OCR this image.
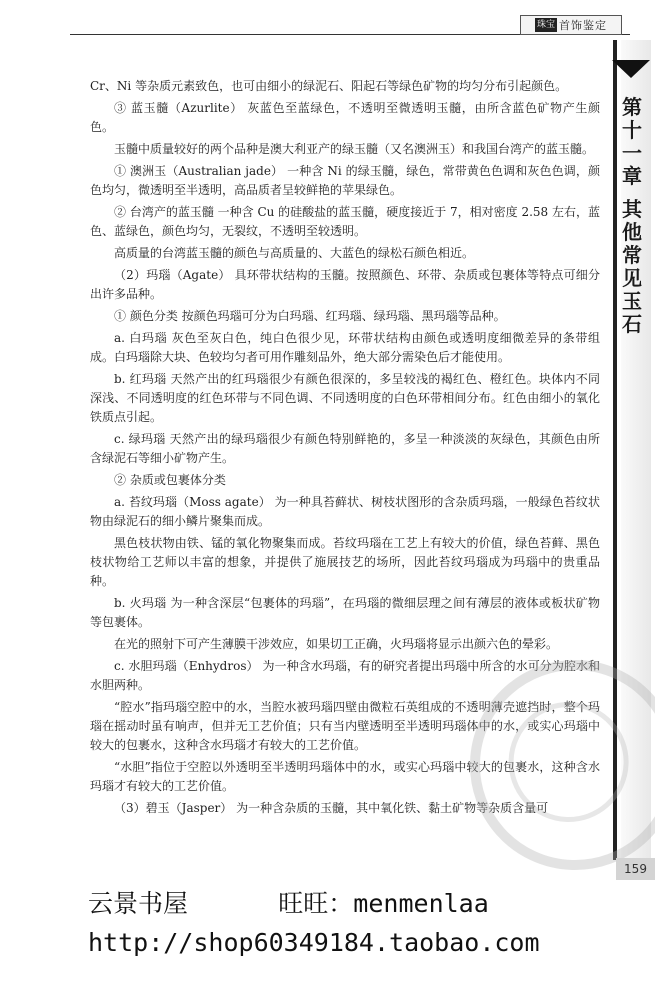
珠宝 首饰鉴定
第十一章
其他常见玉石

Cr、Ni 等杂质元素致色，也可由细小的绿泥石、阳起石等绿色矿物的均匀分布引起颜色。

③ 蓝玉髓（Azurlite） 灰蓝色至蓝绿色，不透明至微透明玉髓，由所含蓝色矿物产生颜色。

玉髓中质量较好的两个品种是澳大利亚产的绿玉髓（又名澳洲玉）和我国台湾产的蓝玉髓。

① 澳洲玉（Australian jade） 一种含 Ni 的绿玉髓，绿色，常带黄色色调和灰色色调，颜色均匀，微透明至半透明，高品质者呈较鲜艳的苹果绿色。

② 台湾产的蓝玉髓 一种含 Cu 的硅酸盐的蓝玉髓，硬度接近于 7，相对密度 2.58 左右，蓝色、蓝绿色，颜色均匀，无裂纹，不透明至较透明。

高质量的台湾蓝玉髓的颜色与高质量的、大蓝色的绿松石颜色相近。

（2）玛瑙（Agate） 具环带状结构的玉髓。按照颜色、环带、杂质或包裹体等特点可细分出许多品种。

① 颜色分类 按颜色玛瑙可分为白玛瑙、红玛瑙、绿玛瑙、黑玛瑙等品种。

a. 白玛瑙 灰色至灰白色，纯白色很少见，环带状结构由颜色或透明度细微差异的条带组成。白玛瑙除大块、色较均匀者可用作雕刻品外，绝大部分需染色后才能使用。

b. 红玛瑙 天然产出的红玛瑙很少有颜色很深的，多呈较浅的褐红色、橙红色。块体内不同深浅、不同透明度的红色环带与不同色调、不同透明度的白色环带相间分布。红色由细小的氧化铁质点引起。

c. 绿玛瑙 天然产出的绿玛瑙很少有颜色特别鲜艳的，多呈一种淡淡的灰绿色，其颜色由所含绿泥石等细小矿物产生。

② 杂质或包裹体分类

a. 苔纹玛瑙（Moss agate） 为一种具苔藓状、树枝状图形的含杂质玛瑙，一般绿色苔纹状物由绿泥石的细小鳞片聚集而成。

黑色枝状物由铁、锰的氧化物聚集而成。苔纹玛瑙在工艺上有较大的价值，绿色苔藓、黑色枝状物给工艺师以丰富的想象，并提供了施展技艺的场所，因此苔纹玛瑙成为玛瑙中的贵重品种。

b. 火玛瑙 为一种含深层“包裹体的玛瑙”，在玛瑙的微细层理之间有薄层的液体或板状矿物等包裹体。

在光的照射下可产生薄膜干涉效应，如果切工正确，火玛瑙将显示出颜六色的晕彩。

c. 水胆玛瑙（Enhydros） 为一种含水玛瑙，有的研究者提出玛瑙中所含的水可分为腔水和水胆两种。

“腔水”指玛瑙空腔中的水，当腔水被玛瑙四壁由微粒石英组成的不透明薄壳遮挡时，整个玛瑙在摇动时虽有响声，但并无工艺价值；只有当内壁透明至半透明玛瑙体中的水，或实心玛瑙中较大的包裹水，这种含水玛瑙才有较大的工艺价值。

“水胆”指位于空腔以外透明至半透明玛瑙体中的水，或实心玛瑙中较大的包裹水，这种含水玛瑙才有较大的工艺价值。

（3）碧玉（Jasper） 为一种含杂质的玉髓，其中氧化铁、黏土矿物等杂质含量可

159
云景书屋      旺旺：menmenlaa
http://shop60349184.taobao.com
